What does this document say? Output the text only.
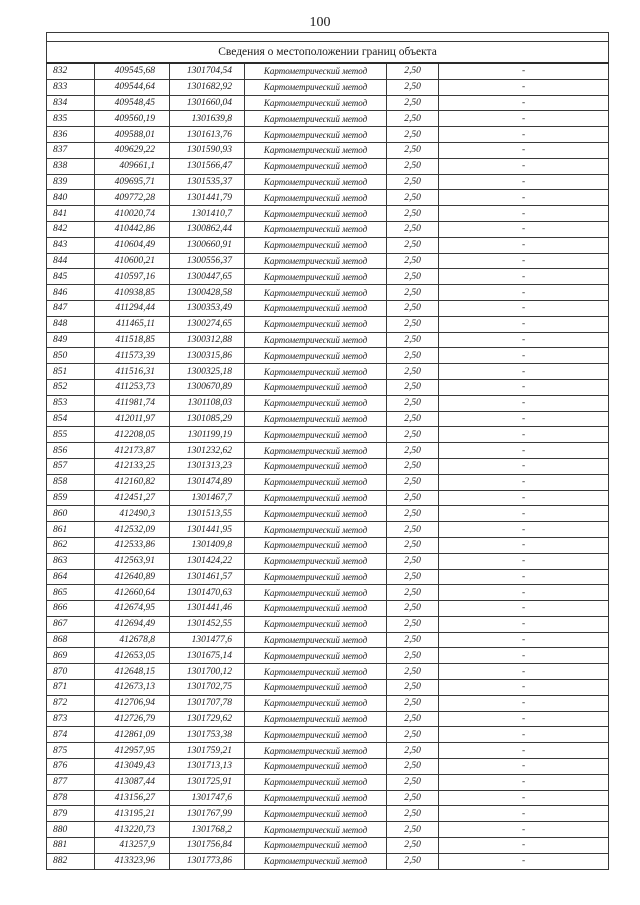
100

Сведения о местоположении границ объекта					
832	409545,68	1301704,54	Картометрический метод	2,50	-
833	409544,64	1301682,92	Картометрический метод	2,50	-
834	409548,45	1301660,04	Картометрический метод	2,50	-
835	409560,19	1301639,8	Картометрический метод	2,50	-
836	409588,01	1301613,76	Картометрический метод	2,50	-
837	409629,22	1301590,93	Картометрический метод	2,50	-
838	409661,1	1301566,47	Картометрический метод	2,50	-
839	409695,71	1301535,37	Картометрический метод	2,50	-
840	409772,28	1301441,79	Картометрический метод	2,50	-
841	410020,74	1301410,7	Картометрический метод	2,50	-
842	410442,86	1300862,44	Картометрический метод	2,50	-
843	410604,49	1300660,91	Картометрический метод	2,50	-
844	410600,21	1300556,37	Картометрический метод	2,50	-
845	410597,16	1300447,65	Картометрический метод	2,50	-
846	410938,85	1300428,58	Картометрический метод	2,50	-
847	411294,44	1300353,49	Картометрический метод	2,50	-
848	411465,11	1300274,65	Картометрический метод	2,50	-
849	411518,85	1300312,88	Картометрический метод	2,50	-
850	411573,39	1300315,86	Картометрический метод	2,50	-
851	411516,31	1300325,18	Картометрический метод	2,50	-
852	411253,73	1300670,89	Картометрический метод	2,50	-
853	411981,74	1301108,03	Картометрический метод	2,50	-
854	412011,97	1301085,29	Картометрический метод	2,50	-
855	412208,05	1301199,19	Картометрический метод	2,50	-
856	412173,87	1301232,62	Картометрический метод	2,50	-
857	412133,25	1301313,23	Картометрический метод	2,50	-
858	412160,82	1301474,89	Картометрический метод	2,50	-
859	412451,27	1301467,7	Картометрический метод	2,50	-
860	412490,3	1301513,55	Картометрический метод	2,50	-
861	412532,09	1301441,95	Картометрический метод	2,50	-
862	412533,86	1301409,8	Картометрический метод	2,50	-
863	412563,91	1301424,22	Картометрический метод	2,50	-
864	412640,89	1301461,57	Картометрический метод	2,50	-
865	412660,64	1301470,63	Картометрический метод	2,50	-
866	412674,95	1301441,46	Картометрический метод	2,50	-
867	412694,49	1301452,55	Картометрический метод	2,50	-
868	412678,8	1301477,6	Картометрический метод	2,50	-
869	412653,05	1301675,14	Картометрический метод	2,50	-
870	412648,15	1301700,12	Картометрический метод	2,50	-
871	412673,13	1301702,75	Картометрический метод	2,50	-
872	412706,94	1301707,78	Картометрический метод	2,50	-
873	412726,79	1301729,62	Картометрический метод	2,50	-
874	412861,09	1301753,38	Картометрический метод	2,50	-
875	412957,95	1301759,21	Картометрический метод	2,50	-
876	413049,43	1301713,13	Картометрический метод	2,50	-
877	413087,44	1301725,91	Картометрический метод	2,50	-
878	413156,27	1301747,6	Картометрический метод	2,50	-
879	413195,21	1301767,99	Картометрический метод	2,50	-
880	413220,73	1301768,2	Картометрический метод	2,50	-
881	413257,9	1301756,84	Картометрический метод	2,50	-
882	413323,96	1301773,86	Картометрический метод	2,50	-
